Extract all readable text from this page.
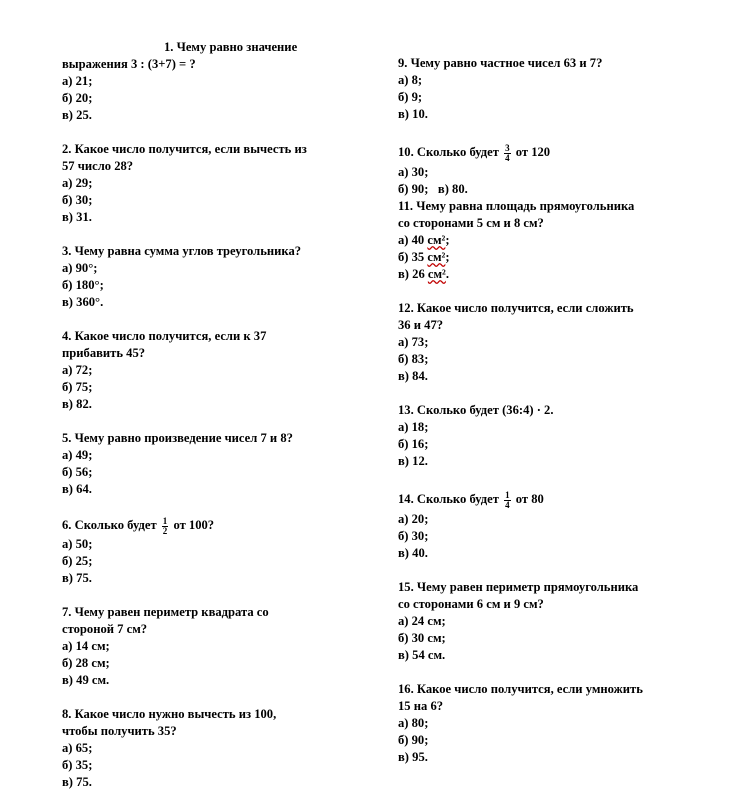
1. Чему равно значение
выражения 3 : (3+7) = ?
а) 21;
б) 20;
в) 25.
2. Какое число получится, если вычесть из
57 число 28?
а) 29;
б) 30;
в) 31.
3. Чему равна сумма углов треугольника?
а) 90°;
б) 180°;
в) 360°.
4. Какое число получится, если к 37
прибавить 45?
а) 72;
б) 75;
в) 82.
5. Чему равно произведение чисел 7 и 8?
а) 49;
б) 56;
в) 64.
6. Сколько будет $\frac{1}{2}$ от 100?
а) 50;
б) 25;
в) 75.
7. Чему равен периметр квадрата со
стороной 7 см?
а) 14 см;
б) 28 см;
в) 49 см.
8. Какое число нужно вычесть из 100,
чтобы получить 35?
а) 65;
б) 35;
в) 75.
9. Чему равно частное чисел 63 и 7?
а) 8;
б) 9;
в) 10.
10. Сколько будет $\frac{3}{4}$ от 120
а) 30;
б) 90; в) 80.
11. Чему равна площадь прямоугольника
со сторонами 5 см и 8 см?
а) 40 см²;
б) 35 см²;
в) 26 см².
12. Какое число получится, если сложить
36 и 47?
а) 73;
б) 83;
в) 84.
13. Сколько будет (36:4) · 2.
а) 18;
б) 16;
в) 12.
14. Сколько будет $\frac{1}{4}$ от 80
а) 20;
б) 30;
в) 40.
15. Чему равен периметр прямоугольника
со сторонами 6 см и 9 см?
а) 24 см;
б) 30 см;
в) 54 см.
16. Какое число получится, если умножить
15 на 6?
а) 80;
б) 90;
в) 95.
